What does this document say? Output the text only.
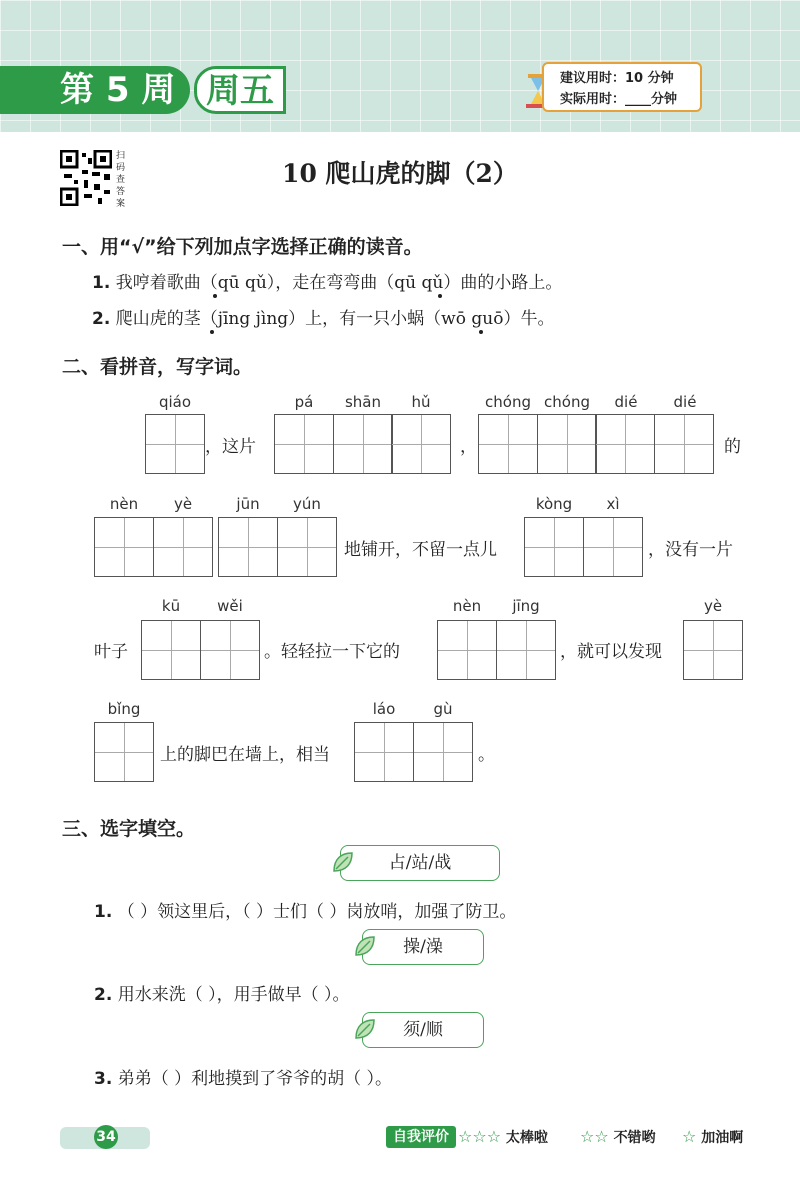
第 5 周 周五	建议用时：10 分钟
实际用时：____分钟
扫码查答案
10 爬山虎的脚（2）
一、用“√”给下列加点字选择正确的读音。
1. 我哼着歌曲（qū qǔ），走在弯弯曲（qū qǔ）曲的小路上。
2. 爬山虎的茎（jīng jìng）上，有一只小蜗（wō guō）牛。
二、看拼音，写字词。
qiáo
，这片
pá	shān	hǔ
，
chóng chóng	dié	dié
的
nèn	yè	jūn	yún
地铺开，不留一点儿
kòng	xì
，没有一片
叶子
kū	wěi
。轻轻拉一下它的
nèn	jīng
，就可以发现
yè
bǐng
上的脚巴在墙上，相当
láo	gù
。
三、选字填空。
占/站/战
1. （ ）领这里后，（ ）士们（ ）岗放哨，加强了防卫。
操/澡
2. 用水来洗（ ），用手做早（ ）。
须/顺
3. 弟弟（ ）利地摸到了爷爷的胡（ ）。
34	自我评价 ☆☆☆ 太棒啦 ☆☆ 不错哟 ☆ 加油啊
